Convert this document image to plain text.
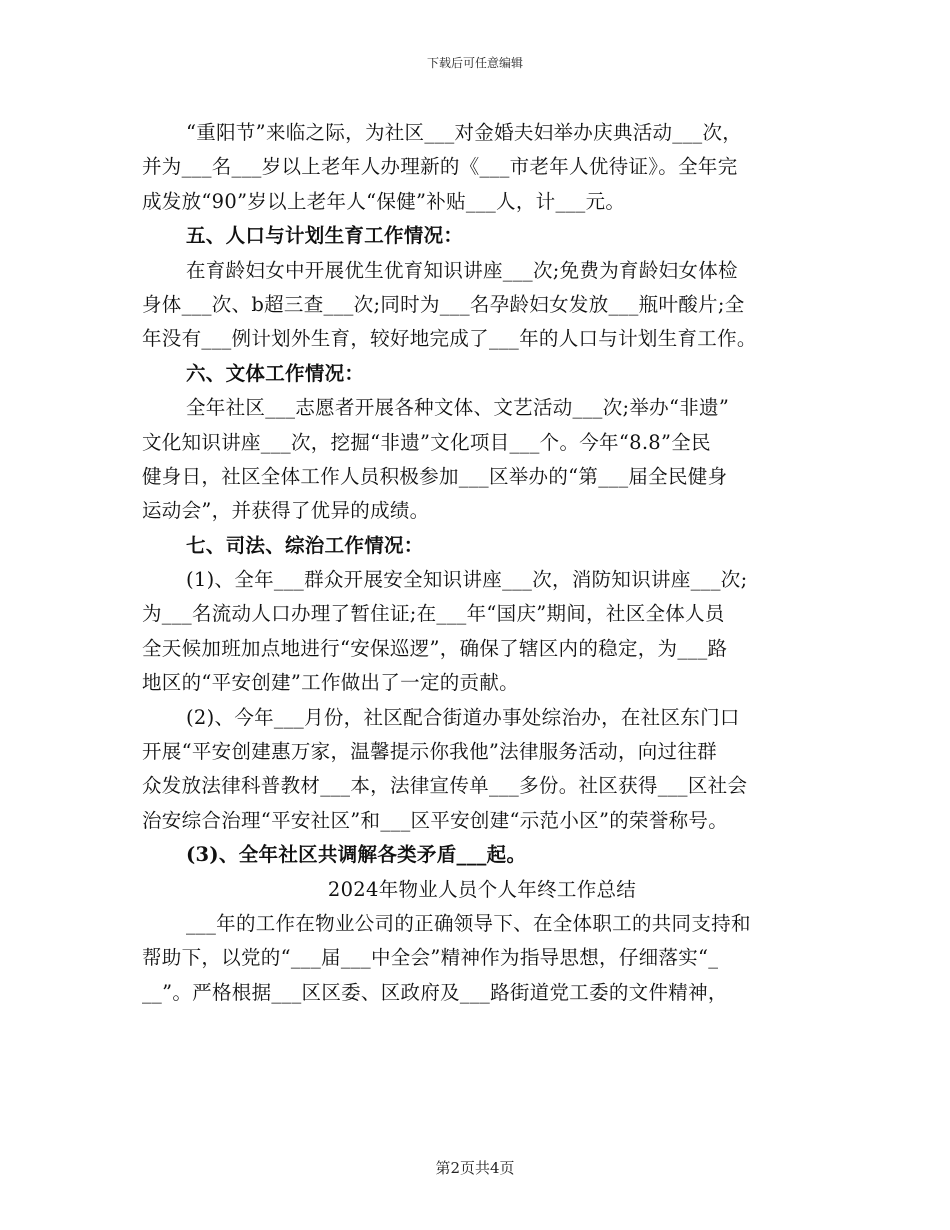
下载后可任意编辑
“重阳节”来临之际，为社区___对金婚夫妇举办庆典活动___次，
并为___名___岁以上老年人办理新的《___市老年人优待证》。全年完
成发放“90”岁以上老年人“保健”补贴___人，计___元。
五、人口与计划生育工作情况：
在育龄妇女中开展优生优育知识讲座___次;免费为育龄妇女体检
身体___次、b超三查___次;同时为___名孕龄妇女发放___瓶叶酸片;全
年没有___例计划外生育，较好地完成了___年的人口与计划生育工作。
六、文体工作情况：
全年社区___志愿者开展各种文体、文艺活动___次;举办“非遗”
文化知识讲座___次，挖掘“非遗”文化项目___个。今年“8.8”全民
健身日，社区全体工作人员积极参加___区举办的“第___届全民健身
运动会”，并获得了优异的成绩。
七、司法、综治工作情况：
(1)、全年___群众开展安全知识讲座___次，消防知识讲座___次;
为___名流动人口办理了暂住证;在___年“国庆”期间，社区全体人员
全天候加班加点地进行“安保巡逻”，确保了辖区内的稳定，为___路
地区的“平安创建”工作做出了一定的贡献。
(2)、今年___月份，社区配合街道办事处综治办，在社区东门口
开展“平安创建惠万家，温馨提示你我他”法律服务活动，向过往群
众发放法律科普教材___本，法律宣传单___多份。社区获得___区社会
治安综合治理“平安社区”和___区平安创建“示范小区”的荣誉称号。
(3)、全年社区共调解各类矛盾___起。
2024年物业人员个人年终工作总结
___年的工作在物业公司的正确领导下、在全体职工的共同支持和
帮助下，以党的“___届___中全会”精神作为指导思想，仔细落实“_
__”。严格根据___区区委、区政府及___路街道党工委的文件精神，
第2页共4页
